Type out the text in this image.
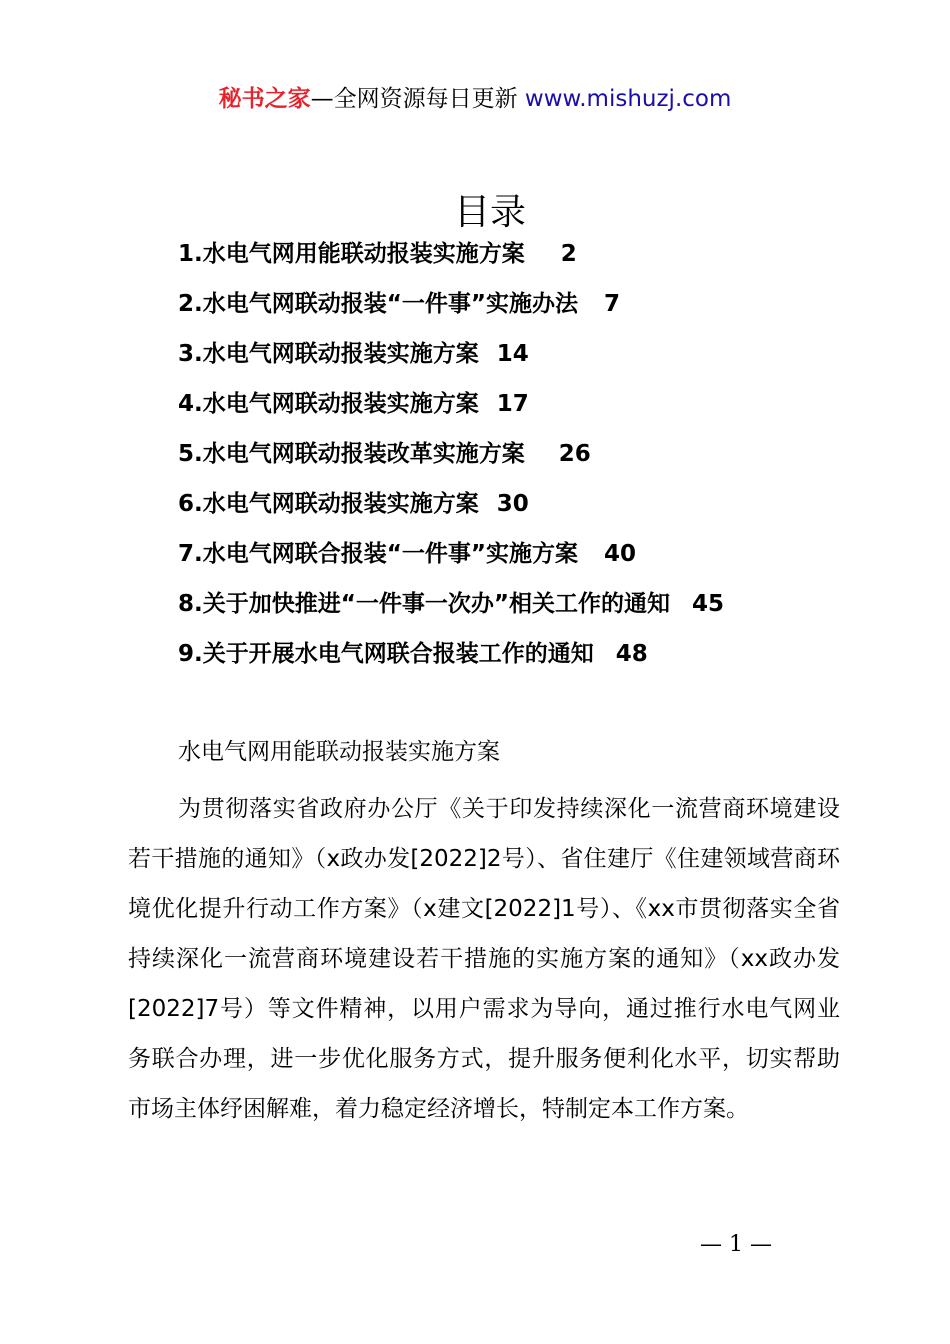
秘书之家—全网资源每日更新 www.mishuzj.com
目录
1.水电气网用能联动报装实施方案 2
2.水电气网联动报装“一件事”实施办法 7
3.水电气网联动报装实施方案 14
4.水电气网联动报装实施方案 17
5.水电气网联动报装改革实施方案 26
6.水电气网联动报装实施方案 30
7.水电气网联合报装“一件事”实施方案 40
8.关于加快推进“一件事一次办”相关工作的通知 45
9.关于开展水电气网联合报装工作的通知 48
水电气网用能联动报装实施方案

为贯彻落实省政府办公厅《关于印发持续深化一流营商环境建设若干措施的通知》（x政办发[2022]2号）、省住建厅《住建领域营商环境优化提升行动工作方案》（x建文[2022]1号）、《xx市贯彻落实全省持续深化一流营商环境建设若干措施的实施方案的通知》（xx政办发[2022]7号）等文件精神，以用户需求为导向，通过推行水电气网业务联合办理，进一步优化服务方式，提升服务便利化水平，切实帮助市场主体纾困解难，着力稳定经济增长，特制定本工作方案。

— 1 —
